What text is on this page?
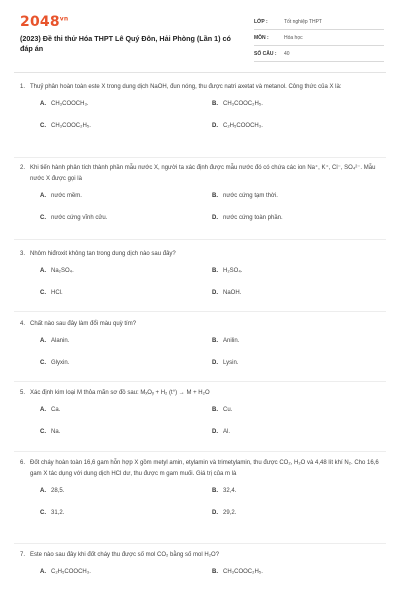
$2048^{vn}$
(2023) Đề thi thử Hóa THPT Lê Quý Đôn, Hải Phòng (Lần 1) có đáp án
LỚP :	Tốt nghiệp THPT
MÔN :	Hóa học
SỐ CÂU : 40
1. Thuỷ phân hoàn toàn este X trong dung dịch NaOH, đun nóng, thu được natri axetat và metanol. Công thức của X là:
A. CH₃COOCH₃.	B. CH₃COOC₂H₅.
C. CH₃COOC₂H₅.	D. C₂H₅COOCH₃.
2. Khi tiến hành phân tích thành phần mẫu nước X, người ta xác định được mẫu nước đó có chứa các ion Na⁺, K⁺, Cl⁻, SO₄²⁻. Mẫu nước X được gọi là
A. nước mềm.	B. nước cứng tạm thời.
C. nước cứng vĩnh cửu.	D. nước cứng toàn phần.
3. Nhôm hiđroxit không tan trong dung dịch nào sau đây?
A. Na₂SO₄.	B. H₂SO₄.
C. HCl.	D. NaOH.
4. Chất nào sau đây làm đổi màu quỳ tím?
A. Alanin.	B. Anilin.
C. Glyxin.	D. Lysin.
5. Xác định kim loại M thỏa mãn sơ đồ sau: MₓOᵧ + H₂ (t°) → M + H₂O
A. Ca.	B. Cu.
C. Na.	D. Al.
6. Đốt cháy hoàn toàn 16,6 gam hỗn hợp X gồm metyl amin, etylamin và trimetylamin, thu được CO₂, H₂O và 4,48 lít khí N₂. Cho 16,6 gam X tác dụng với dung dịch HCl dư, thu được m gam muối. Giá trị của m là
A. 28,5.	B. 32,4.
C. 31,2.	D. 29,2.
7. Este nào sau đây khi đốt cháy thu được số mol CO₂ bằng số mol H₂O?
A. C₂H₅COOCH₃.	B. CH₃COOC₂H₅.
